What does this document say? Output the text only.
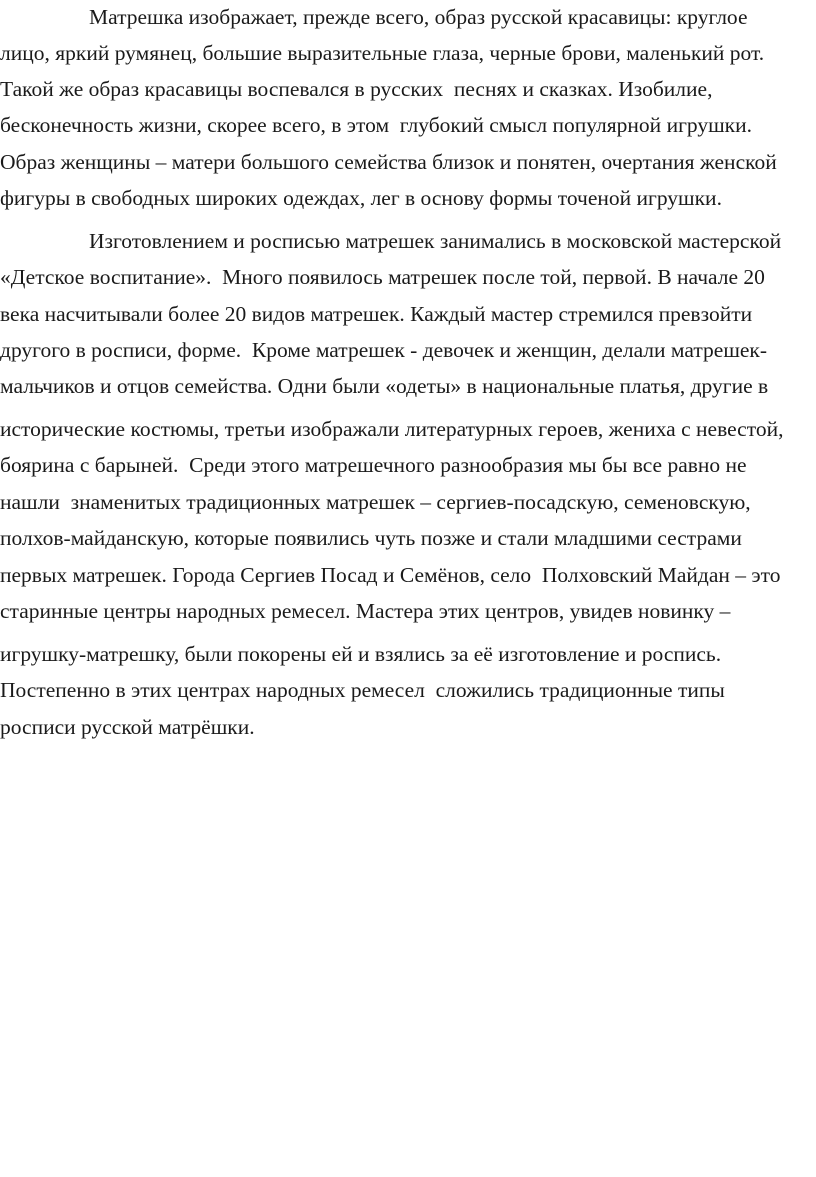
Матрешка изображает, прежде всего, образ русской красавицы: круглое
лицо, яркий румянец, большие выразительные глаза, черные брови, маленький рот.
Такой же образ красавицы воспевался в русских  песнях и сказках. Изобилие,
бесконечность жизни, скорее всего, в этом  глубокий смысл популярной игрушки.
Образ женщины – матери большого семейства близок и понятен, очертания женской
фигуры в свободных широких одеждах, лег в основу формы точеной игрушки.
Изготовлением и росписью матрешек занимались в московской мастерской
«Детское воспитание».  Много появилось матрешек после той, первой. В начале 20
века насчитывали более 20 видов матрешек. Каждый мастер стремился превзойти
другого в росписи, форме.  Кроме матрешек - девочек и женщин, делали матрешек-
мальчиков и отцов семейства. Одни были «одеты» в национальные платья, другие в
исторические костюмы, третьи изображали литературных героев, жениха с невестой,
боярина с барыней.  Среди этого матрешечного разнообразия мы бы все равно не
нашли  знаменитых традиционных матрешек – сергиев-посадскую, семеновскую,
полхов-майданскую, которые появились чуть позже и стали младшими сестрами
первых матрешек. Города Сергиев Посад и Семёнов, село  Полховский Майдан – это
старинные центры народных ремесел. Мастера этих центров, увидев новинку –
игрушку-матрешку, были покорены ей и взялись за её изготовление и роспись.
Постепенно в этих центрах народных ремесел  сложились традиционные типы
росписи русской матрёшки.
